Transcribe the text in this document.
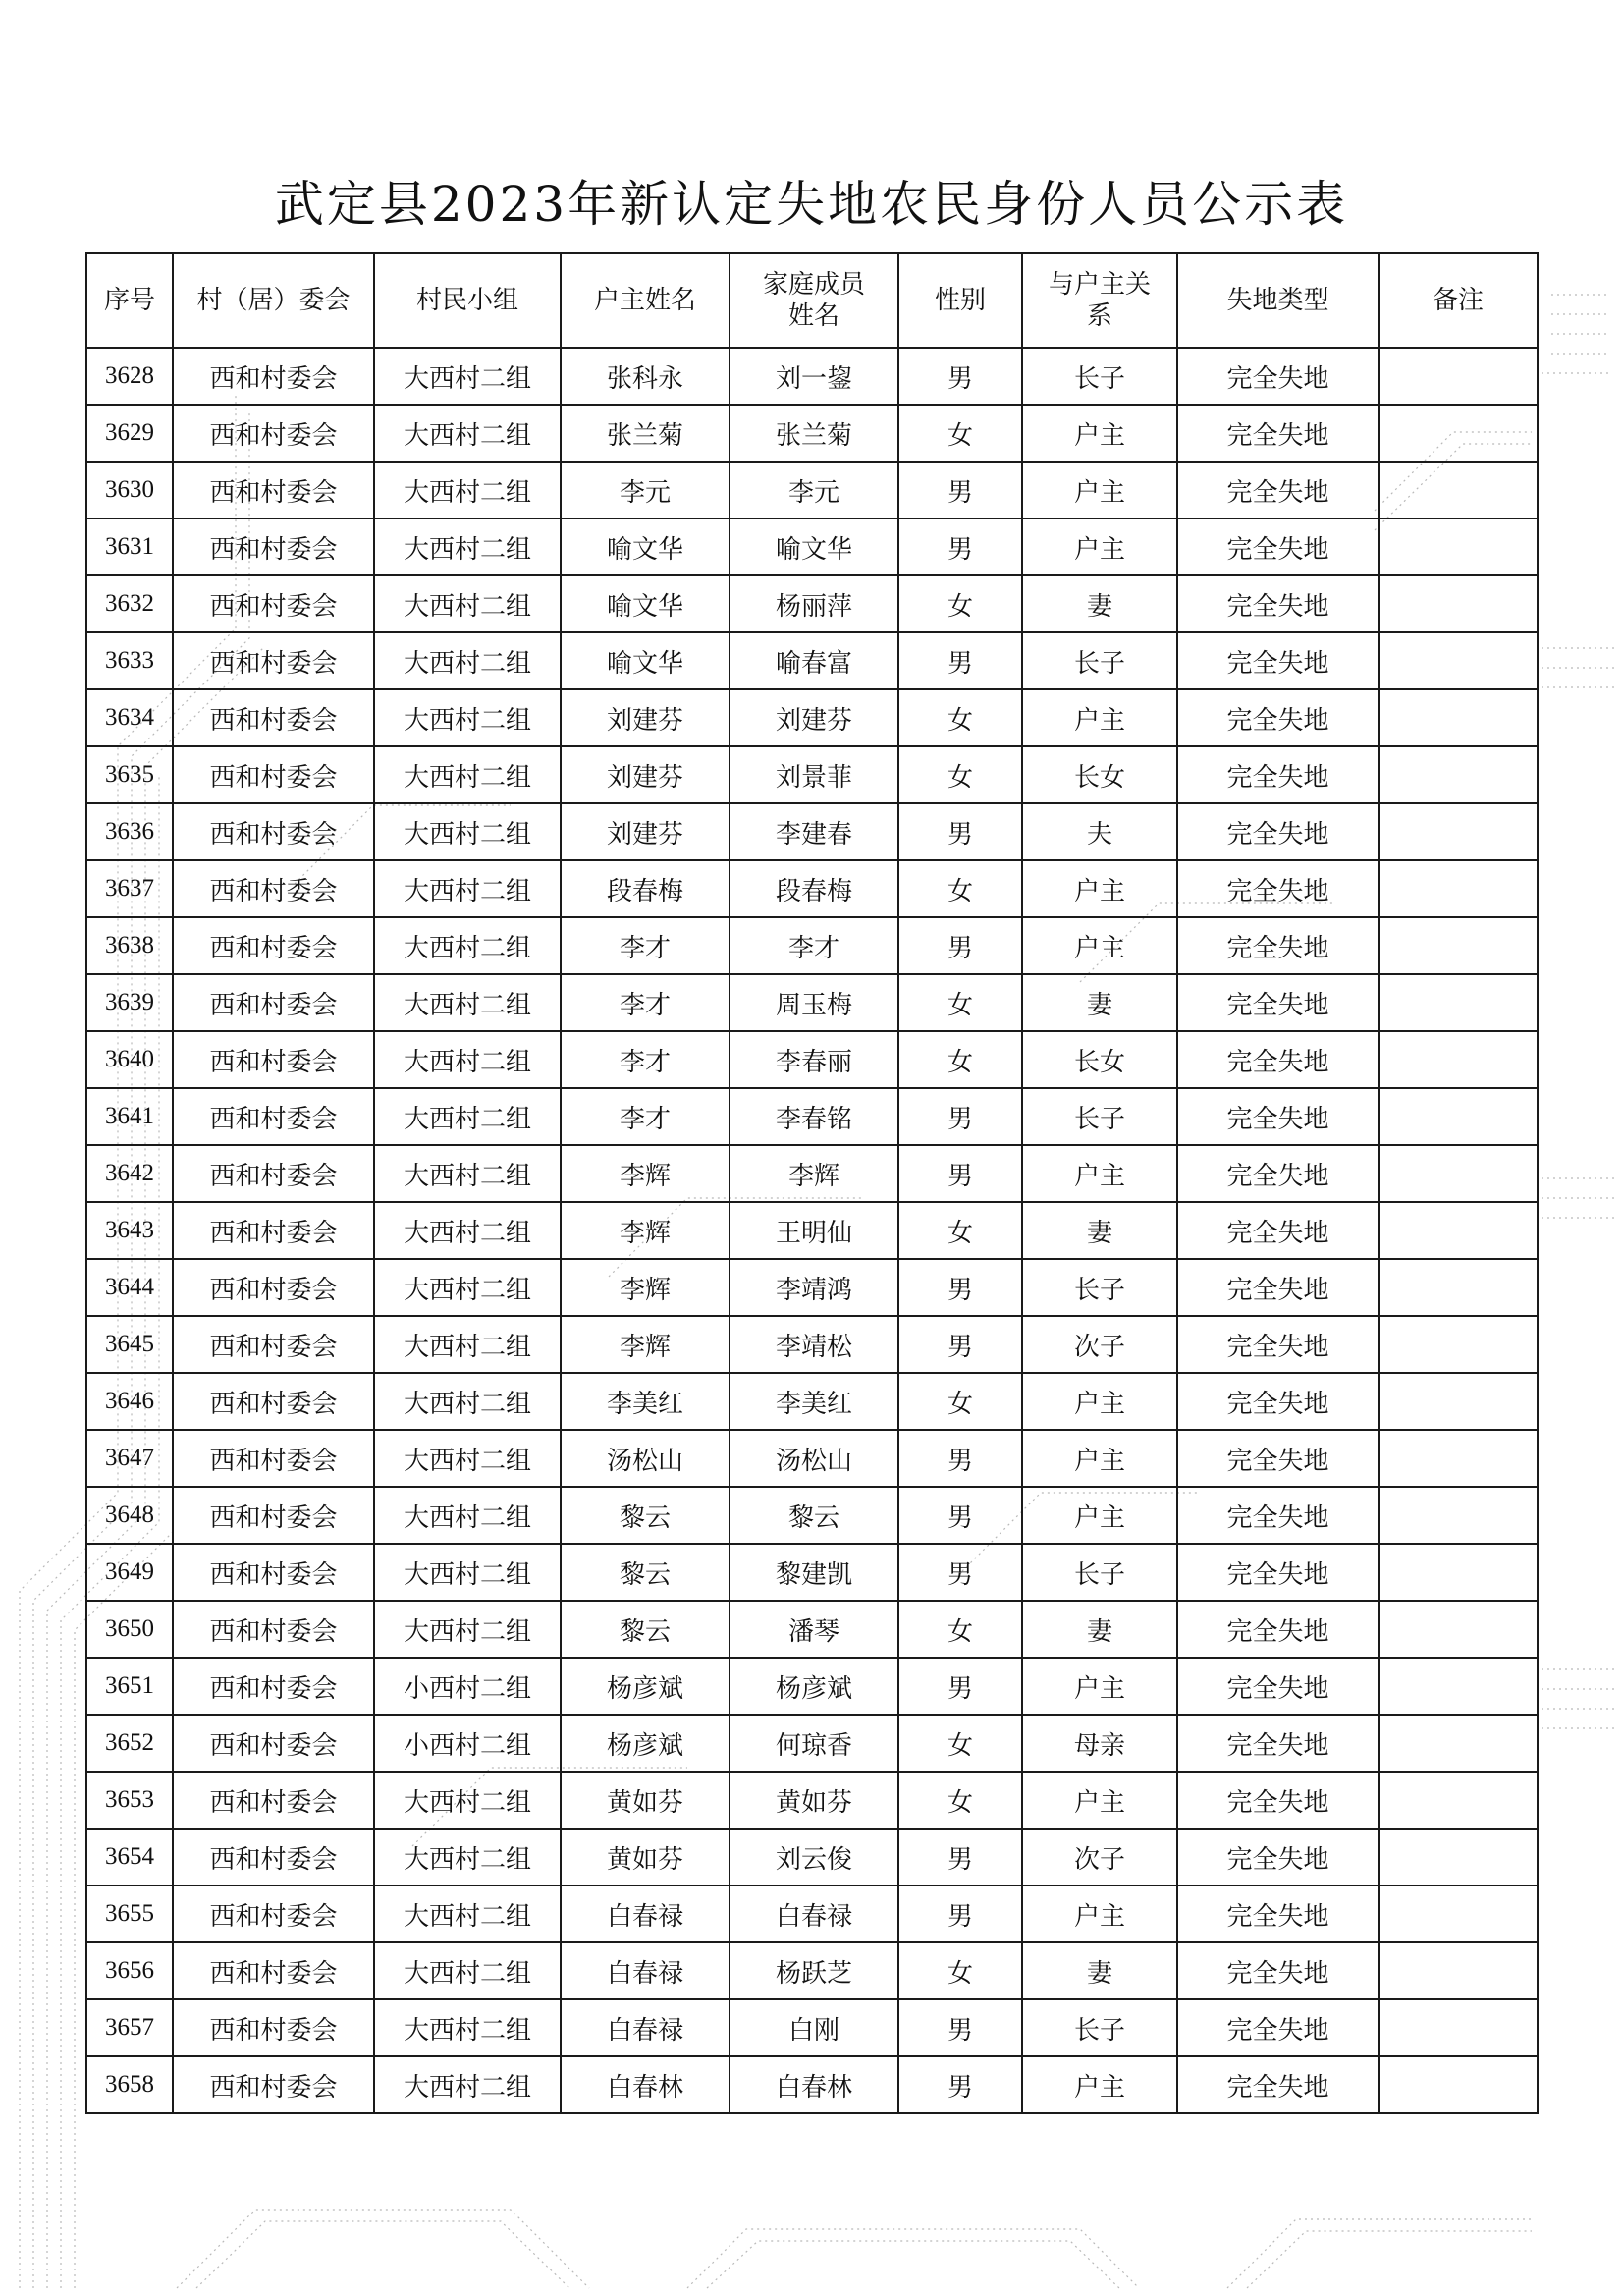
武定县2023年新认定失地农民身份人员公示表
序号	村（居）委会	村民小组	户主姓名	家庭成员姓名	性别	与户主关系	失地类型	备注
3628	西和村委会	大西村二组	张科永	刘一鋆	男	长子	完全失地	
3629	西和村委会	大西村二组	张兰菊	张兰菊	女	户主	完全失地	
3630	西和村委会	大西村二组	李元	李元	男	户主	完全失地	
3631	西和村委会	大西村二组	喻文华	喻文华	男	户主	完全失地	
3632	西和村委会	大西村二组	喻文华	杨丽萍	女	妻	完全失地	
3633	西和村委会	大西村二组	喻文华	喻春富	男	长子	完全失地	
3634	西和村委会	大西村二组	刘建芬	刘建芬	女	户主	完全失地	
3635	西和村委会	大西村二组	刘建芬	刘景菲	女	长女	完全失地	
3636	西和村委会	大西村二组	刘建芬	李建春	男	夫	完全失地	
3637	西和村委会	大西村二组	段春梅	段春梅	女	户主	完全失地	
3638	西和村委会	大西村二组	李才	李才	男	户主	完全失地	
3639	西和村委会	大西村二组	李才	周玉梅	女	妻	完全失地	
3640	西和村委会	大西村二组	李才	李春丽	女	长女	完全失地	
3641	西和村委会	大西村二组	李才	李春铭	男	长子	完全失地	
3642	西和村委会	大西村二组	李辉	李辉	男	户主	完全失地	
3643	西和村委会	大西村二组	李辉	王明仙	女	妻	完全失地	
3644	西和村委会	大西村二组	李辉	李靖鸿	男	长子	完全失地	
3645	西和村委会	大西村二组	李辉	李靖松	男	次子	完全失地	
3646	西和村委会	大西村二组	李美红	李美红	女	户主	完全失地	
3647	西和村委会	大西村二组	汤松山	汤松山	男	户主	完全失地	
3648	西和村委会	大西村二组	黎云	黎云	男	户主	完全失地	
3649	西和村委会	大西村二组	黎云	黎建凯	男	长子	完全失地	
3650	西和村委会	大西村二组	黎云	潘琴	女	妻	完全失地	
3651	西和村委会	小西村二组	杨彦斌	杨彦斌	男	户主	完全失地	
3652	西和村委会	小西村二组	杨彦斌	何琼香	女	母亲	完全失地	
3653	西和村委会	大西村二组	黄如芬	黄如芬	女	户主	完全失地	
3654	西和村委会	大西村二组	黄如芬	刘云俊	男	次子	完全失地	
3655	西和村委会	大西村二组	白春禄	白春禄	男	户主	完全失地	
3656	西和村委会	大西村二组	白春禄	杨跃芝	女	妻	完全失地	
3657	西和村委会	大西村二组	白春禄	白刚	男	长子	完全失地	
3658	西和村委会	大西村二组	白春林	白春林	男	户主	完全失地	
